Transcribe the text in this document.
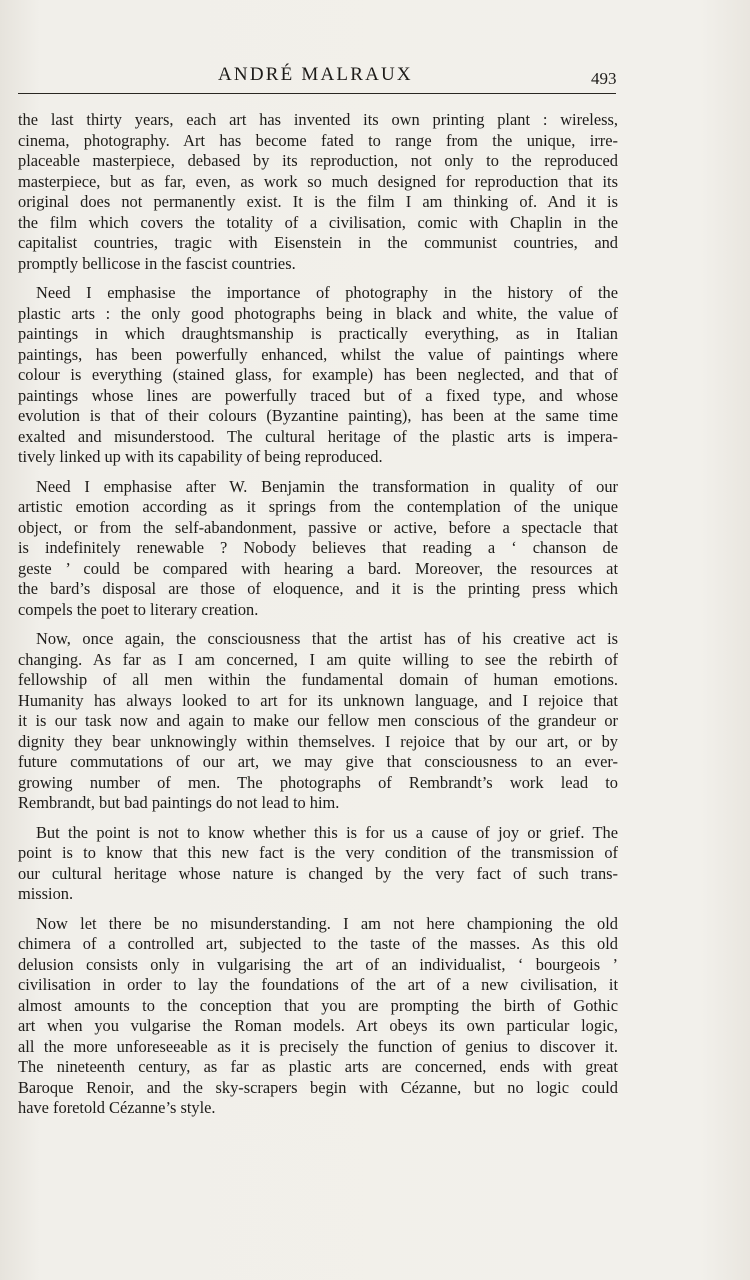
ANDRÉ MALRAUX	493
the last thirty years, each art has invented its own printing plant : wireless,
cinema, photography. Art has become fated to range from the unique, irre-
placeable masterpiece, debased by its reproduction, not only to the reproduced
masterpiece, but as far, even, as work so much designed for reproduction that its
original does not permanently exist. It is the film I am thinking of. And it is
the film which covers the totality of a civilisation, comic with Chaplin in the
capitalist countries, tragic with Eisenstein in the communist countries, and
promptly bellicose in the fascist countries.
Need I emphasise the importance of photography in the history of the
plastic arts : the only good photographs being in black and white, the value of
paintings in which draughtsmanship is practically everything, as in Italian
paintings, has been powerfully enhanced, whilst the value of paintings where
colour is everything (stained glass, for example) has been neglected, and that of
paintings whose lines are powerfully traced but of a fixed type, and whose
evolution is that of their colours (Byzantine painting), has been at the same time
exalted and misunderstood. The cultural heritage of the plastic arts is impera-
tively linked up with its capability of being reproduced.
Need I emphasise after W. Benjamin the transformation in quality of our
artistic emotion according as it springs from the contemplation of the unique
object, or from the self-abandonment, passive or active, before a spectacle that
is indefinitely renewable ? Nobody believes that reading a ‘ chanson de
geste ’ could be compared with hearing a bard. Moreover, the resources at
the bard’s disposal are those of eloquence, and it is the printing press which
compels the poet to literary creation.
Now, once again, the consciousness that the artist has of his creative act is
changing. As far as I am concerned, I am quite willing to see the rebirth of
fellowship of all men within the fundamental domain of human emotions.
Humanity has always looked to art for its unknown language, and I rejoice that
it is our task now and again to make our fellow men conscious of the grandeur or
dignity they bear unknowingly within themselves. I rejoice that by our art, or by
future commutations of our art, we may give that consciousness to an ever-
growing number of men. The photographs of Rembrandt’s work lead to
Rembrandt, but bad paintings do not lead to him.
But the point is not to know whether this is for us a cause of joy or grief. The
point is to know that this new fact is the very condition of the transmission of
our cultural heritage whose nature is changed by the very fact of such trans-
mission.
Now let there be no misunderstanding. I am not here championing the old
chimera of a controlled art, subjected to the taste of the masses. As this old
delusion consists only in vulgarising the art of an individualist, ‘ bourgeois ’
civilisation in order to lay the foundations of the art of a new civilisation, it
almost amounts to the conception that you are prompting the birth of Gothic
art when you vulgarise the Roman models. Art obeys its own particular logic,
all the more unforeseeable as it is precisely the function of genius to discover it.
The nineteenth century, as far as plastic arts are concerned, ends with great
Baroque Renoir, and the sky-scrapers begin with Cézanne, but no logic could
have foretold Cézanne’s style.
